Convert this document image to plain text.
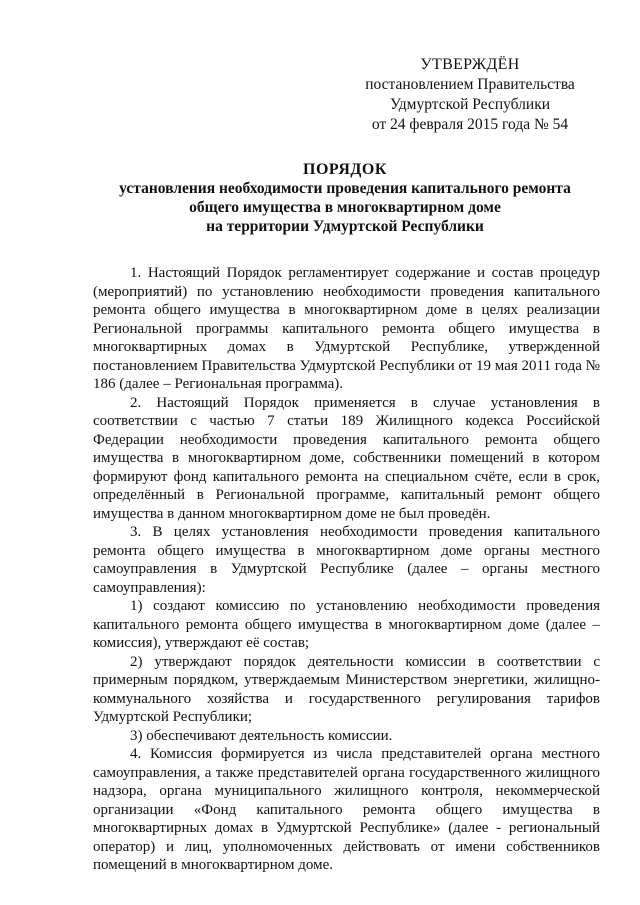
УТВЕРЖДЁН
постановлением Правительства
Удмуртской Республики
от 24 февраля 2015 года № 54
ПОРЯДОК
установления необходимости проведения капитального ремонта
общего имущества в многоквартирном доме
на территории Удмуртской Республики

1. Настоящий Порядок регламентирует содержание и состав процедур (мероприятий) по установлению необходимости проведения капитального ремонта общего имущества в многоквартирном доме в целях реализации Региональной программы капитального ремонта общего имущества в многоквартирных домах в Удмуртской Республике, утвержденной постановлением Правительства Удмуртской Республики от 19 мая 2011 года № 186 (далее – Региональная программа).

2. Настоящий Порядок применяется в случае установления в соответствии с частью 7 статьи 189 Жилищного кодекса Российской Федерации необходимости проведения капитального ремонта общего имущества в многоквартирном доме, собственники помещений в котором формируют фонд капитального ремонта на специальном счёте, если в срок, определённый в Региональной программе, капитальный ремонт общего имущества в данном многоквартирном доме не был проведён.

3. В целях установления необходимости проведения капитального ремонта общего имущества в многоквартирном доме органы местного самоуправления в Удмуртской Республике (далее – органы местного самоуправления):

1) создают комиссию по установлению необходимости проведения капитального ремонта общего имущества в многоквартирном доме (далее – комиссия), утверждают её состав;

2) утверждают порядок деятельности комиссии в соответствии с примерным порядком, утверждаемым Министерством энергетики, жилищно-коммунального хозяйства и государственного регулирования тарифов Удмуртской Республики;

3) обеспечивают деятельность комиссии.

4. Комиссия формируется из числа представителей органа местного самоуправления, а также представителей органа государственного жилищного надзора, органа муниципального жилищного контроля, некоммерческой организации «Фонд капитального ремонта общего имущества в многоквартирных домах в Удмуртской Республике» (далее - региональный оператор) и лиц, уполномоченных действовать от имени собственников помещений в многоквартирном доме.
